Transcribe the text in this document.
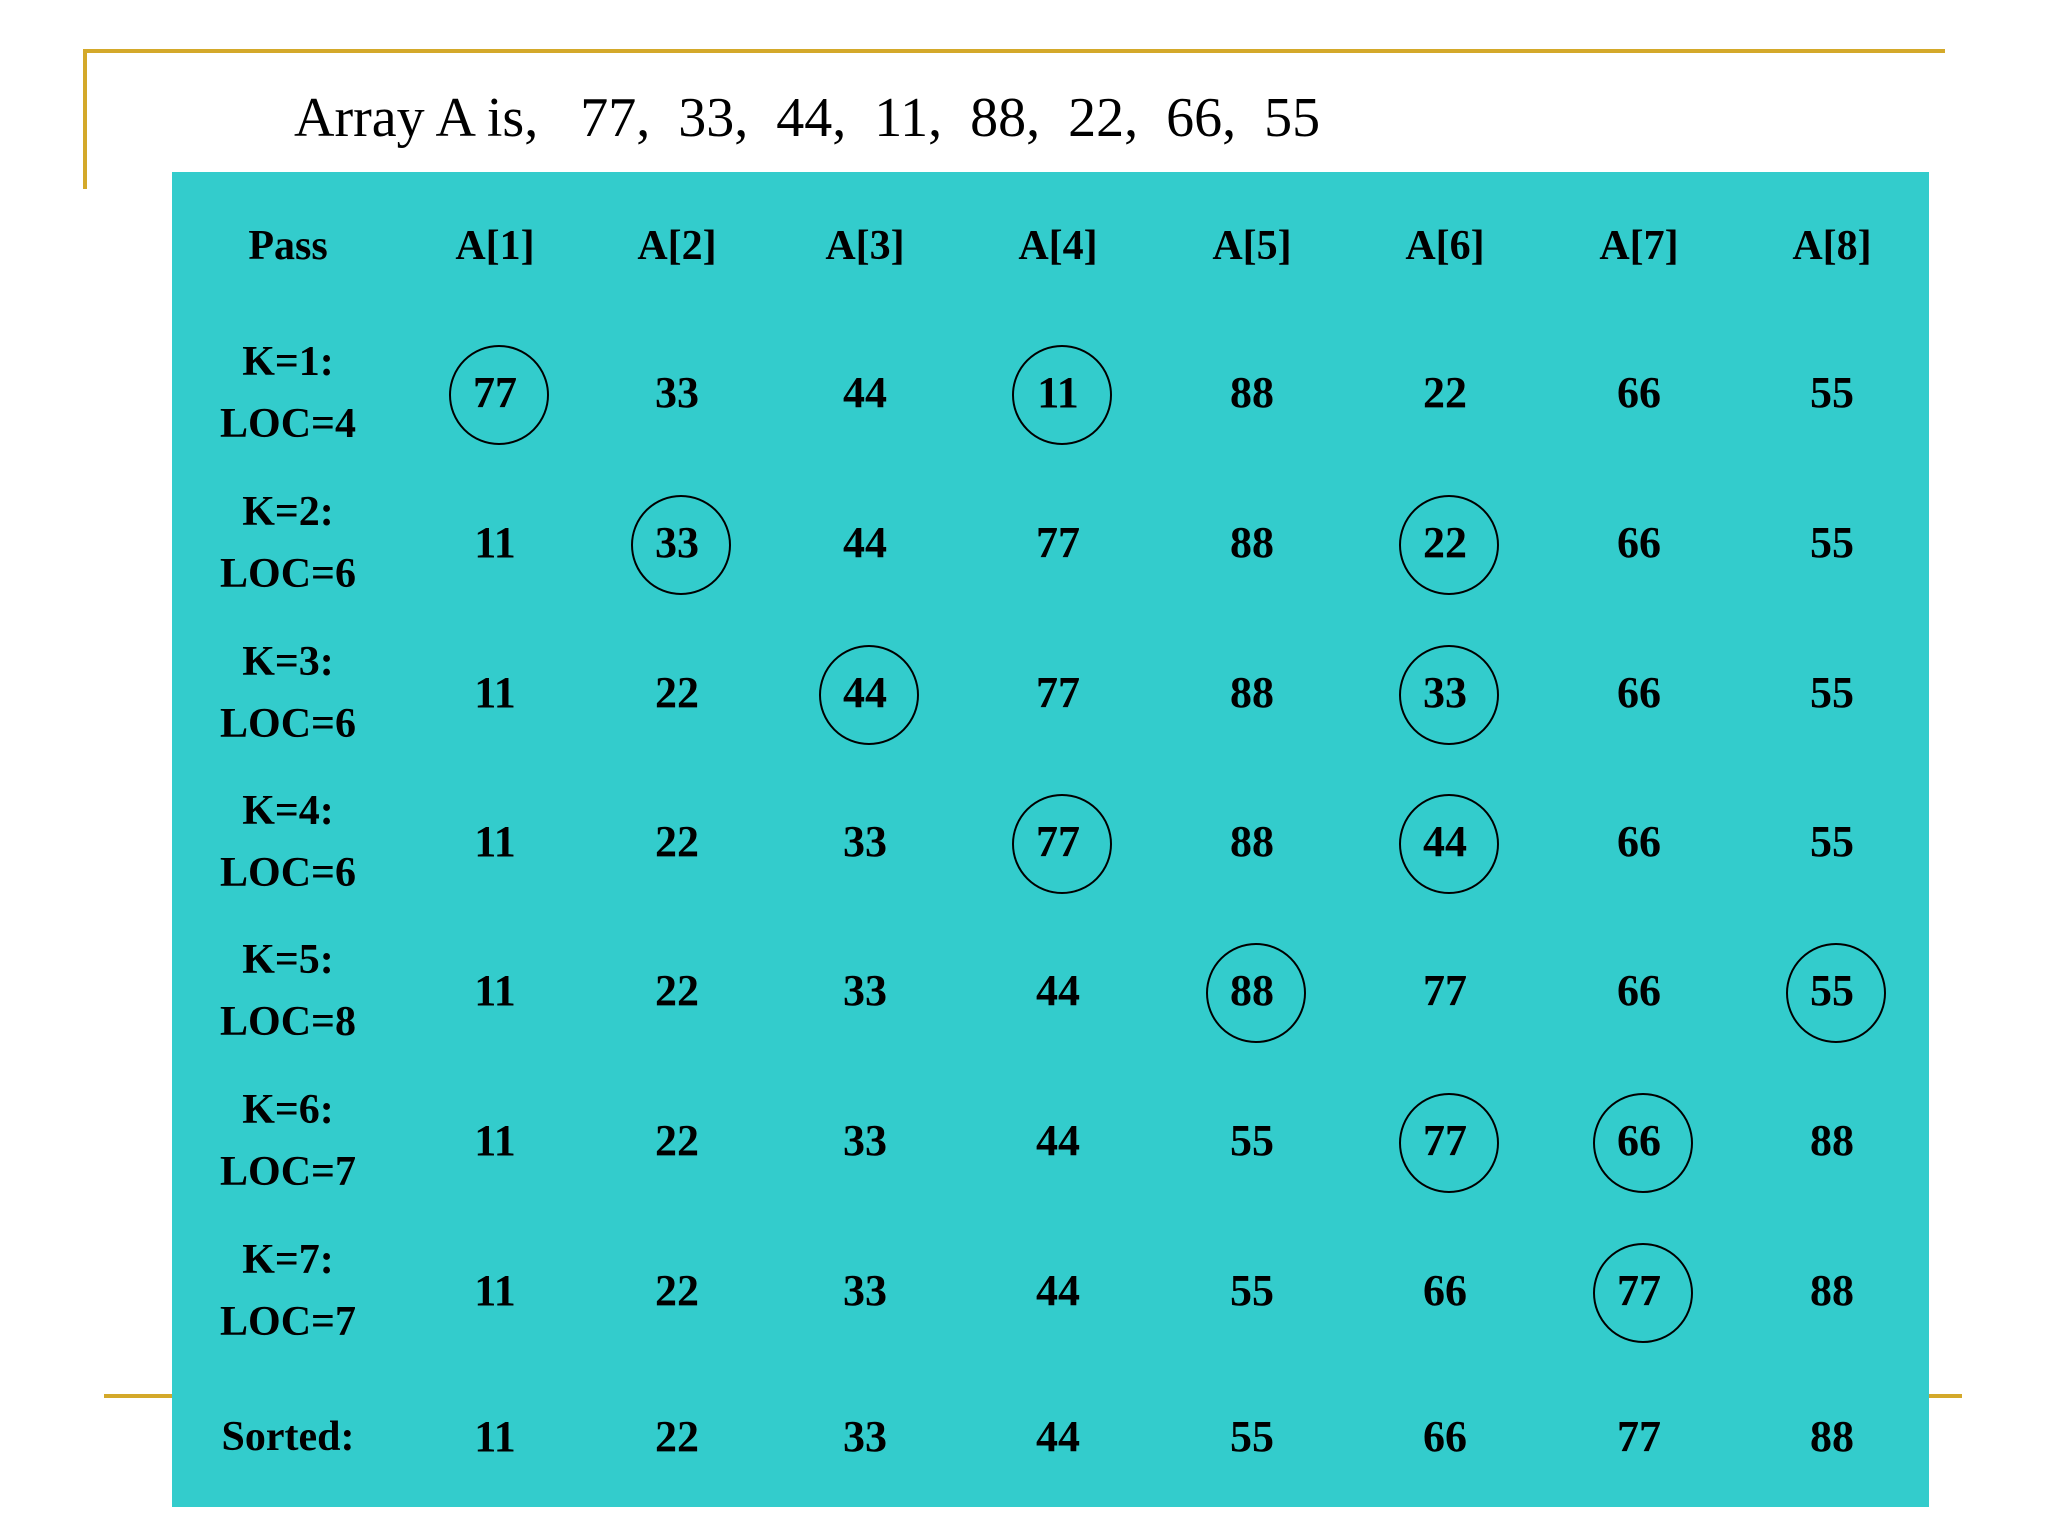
Array A is,   77,  33,  44,  11,  88,  22,  66,  55
Pass	A[1]	A[2]	A[3]	A[4]	A[5]	A[6]	A[7]	A[8]
K=1:
LOC=4
77	33	44	11	88	22	66	55
K=2:
LOC=6
11	33	44	77	88	22	66	55
K=3:
LOC=6
11	22	44	77	88	33	66	55
K=4:
LOC=6
11	22	33	77	88	44	66	55
K=5:
LOC=8
11	22	33	44	88	77	66	55
K=6:
LOC=7
11	22	33	44	55	77	66	88
K=7:
LOC=7
11	22	33	44	55	66	77	88
Sorted:	11	22	33	44	55	66	77	88
